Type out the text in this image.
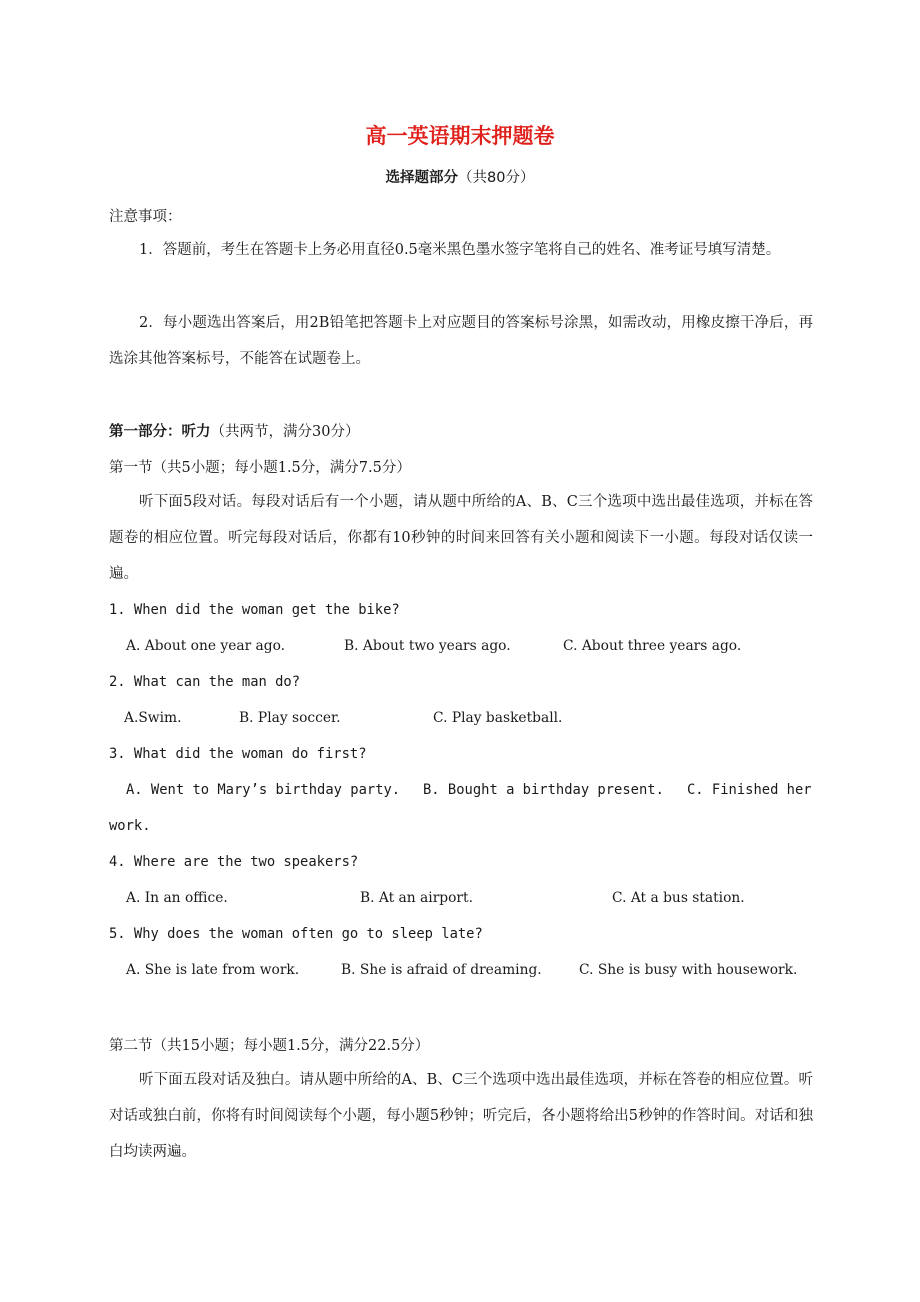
高一英语期末押题卷
选择题部分（共80分）
注意事项：

1．答题前，考生在答题卡上务必用直径0.5毫米黑色墨水签字笔将自己的姓名、准考证号填写清楚。

2．每小题选出答案后，用2B铅笔把答题卡上对应题目的答案标号涂黑，如需改动，用橡皮擦干净后，再选涂其他答案标号，不能答在试题卷上。

第一部分：听力（共两节，满分30分）
第一节（共5小题；每小题1.5分，满分7.5分）

听下面5段对话。每段对话后有一个小题，请从题中所给的A、B、C三个选项中选出最佳选项，并标在答题卷的相应位置。听完每段对话后，你都有10秒钟的时间来回答有关小题和阅读下一小题。每段对话仅读一遍。

1. When did the woman get the bike?
A. About one year ago.	B. About two years ago.	C. About three years ago.
2. What can the man do?
A.Swim.	B. Play soccer.	C. Play basketball.
3. What did the woman do first?
A. Went to Mary’s birthday party. B. Bought a birthday present. C. Finished her
work.
4. Where are the two speakers?
A. In an office.	B. At an airport.	C. At a bus station.
5. Why does the woman often go to sleep late?
A. She is late from work.	B. She is afraid of dreaming.	C. She is busy with housework.
第二节（共15小题；每小题1.5分，满分22.5分）

听下面五段对话及独白。请从题中所给的A、B、C三个选项中选出最佳选项，并标在答卷的相应位置。听对话或独白前，你将有时间阅读每个小题，每小题5秒钟；听完后，各小题将给出5秒钟的作答时间。对话和独白均读两遍。
